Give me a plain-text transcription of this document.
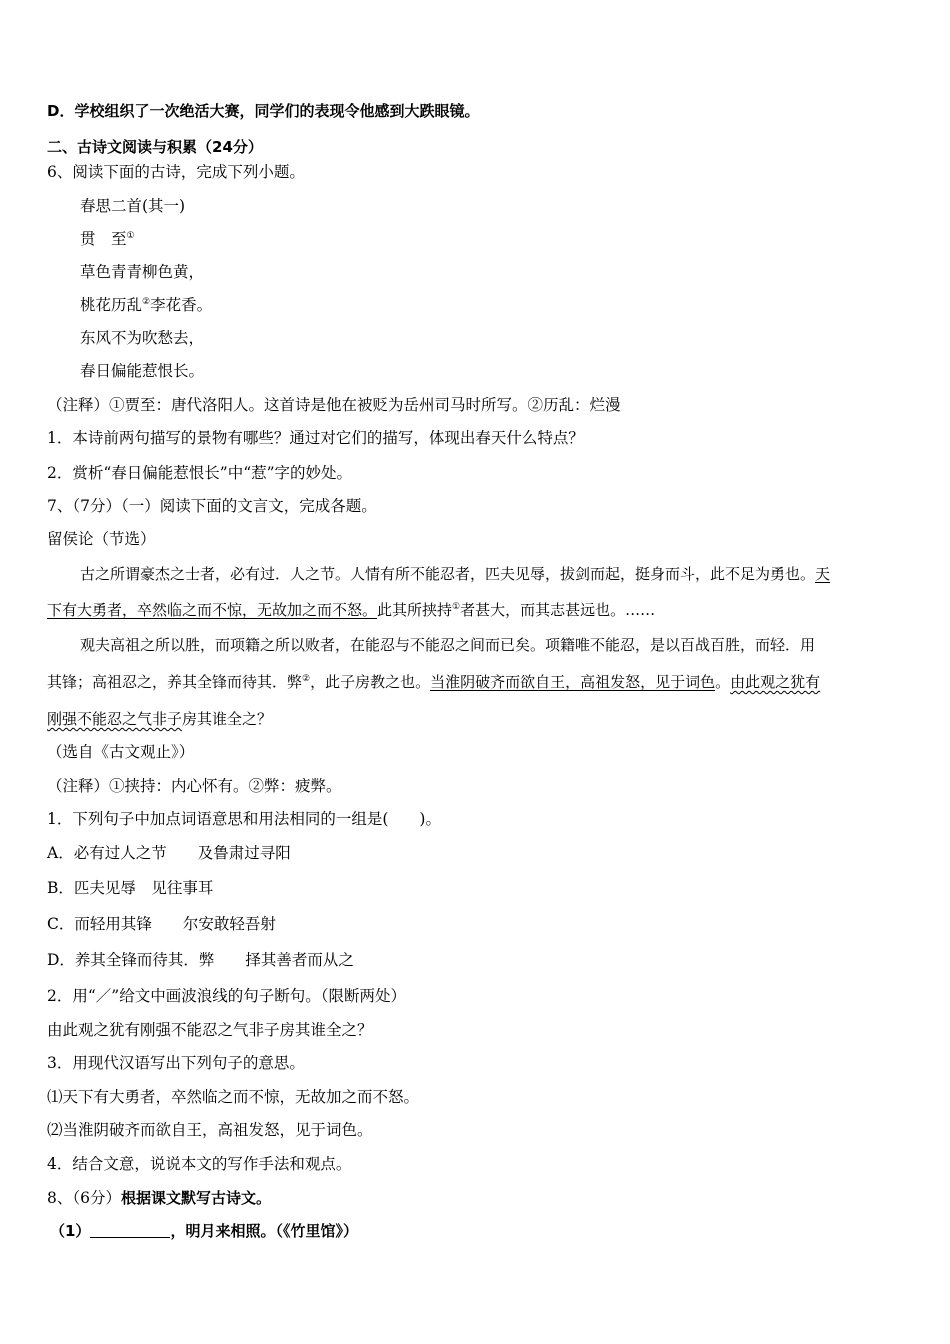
D．学校组织了一次绝活大赛，同学们的表现令他感到大跌眼镜。
二、古诗文阅读与积累（24分）
6、阅读下面的古诗，完成下列小题。
春思二首(其一)
贯　至①
草色青青柳色黄，
桃花历乱②李花香。
东风不为吹愁去，
春日偏能惹恨长。
（注释）①贾至：唐代洛阳人。这首诗是他在被贬为岳州司马时所写。②历乱：烂漫
1．本诗前两句描写的景物有哪些？通过对它们的描写，体现出春天什么特点？
2．赏析“春日偏能惹恨长”中“惹”字的妙处。
7、（7分）（一）阅读下面的文言文，完成各题。
留侯论（节选）
古之所谓豪杰之士者，必有过．人之节。人情有所不能忍者，匹夫见辱，拔剑而起，挺身而斗，此不足为勇也。天
下有大勇者，卒然临之而不惊，无故加之而不怒。此其所挟持①者甚大，而其志甚远也。……
观夫高祖之所以胜，而项籍之所以败者，在能忍与不能忍之间而已矣。项籍唯不能忍，是以百战百胜，而轻．用
其锋；高祖忍之，养其全锋而待其．弊②，此子房教之也。当淮阴破齐而欲自王，高祖发怒，见于词色。由此观之犹有
刚强不能忍之气非子房其谁全之？
（选自《古文观止》）
（注释）①挟持：内心怀有。②弊：疲弊。
1．下列句子中加点词语意思和用法相同的一组是(　　)。
A．必有过人之节　　及鲁肃过寻阳
B．匹夫见辱　见往事耳
C．而轻用其锋　　尔安敢轻吾射
D．养其全锋而待其．弊　　择其善者而从之
2．用“／”给文中画波浪线的句子断句。（限断两处）
由此观之犹有刚强不能忍之气非子房其谁全之？
3．用现代汉语写出下列句子的意思。
⑴天下有大勇者，卒然临之而不惊，无故加之而不怒。
⑵当淮阴破齐而欲自王，高祖发怒，见于词色。
4．结合文意，说说本文的写作手法和观点。
8、（6分）根据课文默写古诗文。
（1）	，明月来相照。（《竹里馆》）
